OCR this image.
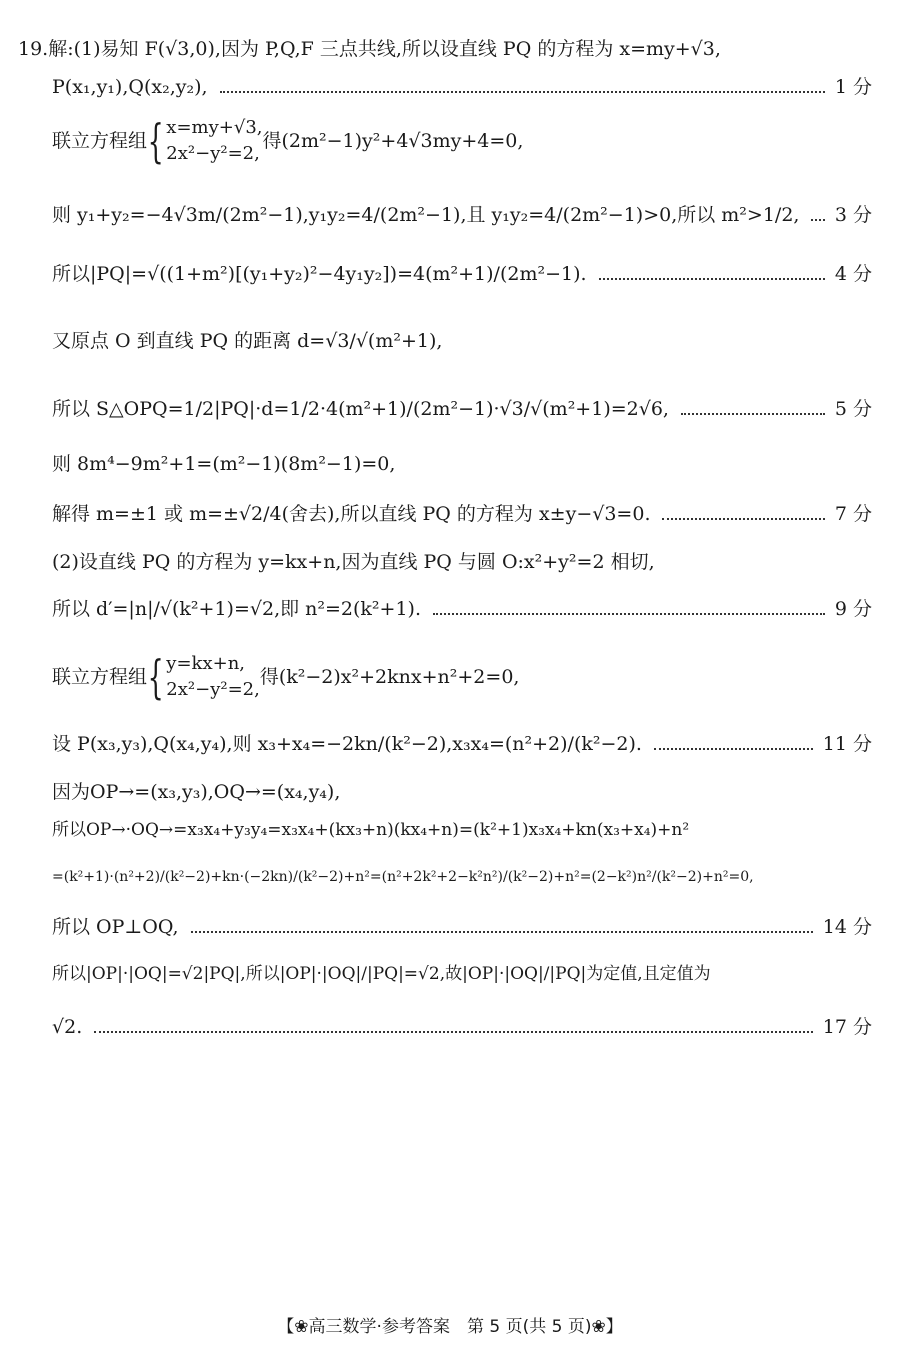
19.解:(1)易知 F(√3,0),因为 P,Q,F 三点共线,所以设直线 PQ 的方程为 x=my+√3,
P(x₁,y₁),Q(x₂,y₂),	1 分
联立方程组 { x=my+√3,
2x²−y²=2,
得(2m²−1)y²+4√3my+4=0,
则 y₁+y₂=−4√3m/(2m²−1),y₁y₂=4/(2m²−1),且 y₁y₂=4/(2m²−1)>0,所以 m²>1/2, 3 分
所以|PQ|=√((1+m²)[(y₁+y₂)²−4y₁y₂])=4(m²+1)/(2m²−1).	4 分
又原点 O 到直线 PQ 的距离 d=√3/√(m²+1),
所以 S△OPQ=1/2|PQ|·d=1/2·4(m²+1)/(2m²−1)·√3/√(m²+1)=2√6,	5 分
则 8m⁴−9m²+1=(m²−1)(8m²−1)=0,
解得 m=±1 或 m=±√2/4(舍去),所以直线 PQ 的方程为 x±y−√3=0.	7 分
(2)设直线 PQ 的方程为 y=kx+n,因为直线 PQ 与圆 O:x²+y²=2 相切,
所以 d′=|n|/√(k²+1)=√2,即 n²=2(k²+1).	9 分
联立方程组 { y=kx+n,
2x²−y²=2,
得(k²−2)x²+2knx+n²+2=0,
设 P(x₃,y₃),Q(x₄,y₄),则 x₃+x₄=−2kn/(k²−2),x₃x₄=(n²+2)/(k²−2).	11 分
因为OP→=(x₃,y₃),OQ→=(x₄,y₄),
所以OP→·OQ→=x₃x₄+y₃y₄=x₃x₄+(kx₃+n)(kx₄+n)=(k²+1)x₃x₄+kn(x₃+x₄)+n²
=(k²+1)·(n²+2)/(k²−2)+kn·(−2kn)/(k²−2)+n²=(n²+2k²+2−k²n²)/(k²−2)+n²=(2−k²)n²/(k²−2)+n²=0,
所以 OP⊥OQ,	14 分
所以|OP|·|OQ|=√2|PQ|,所以|OP|·|OQ|/|PQ|=√2,故|OP|·|OQ|/|PQ|为定值,且定值为
√2.	17 分
【❀高三数学·参考答案　第 5 页(共 5 页)❀】
